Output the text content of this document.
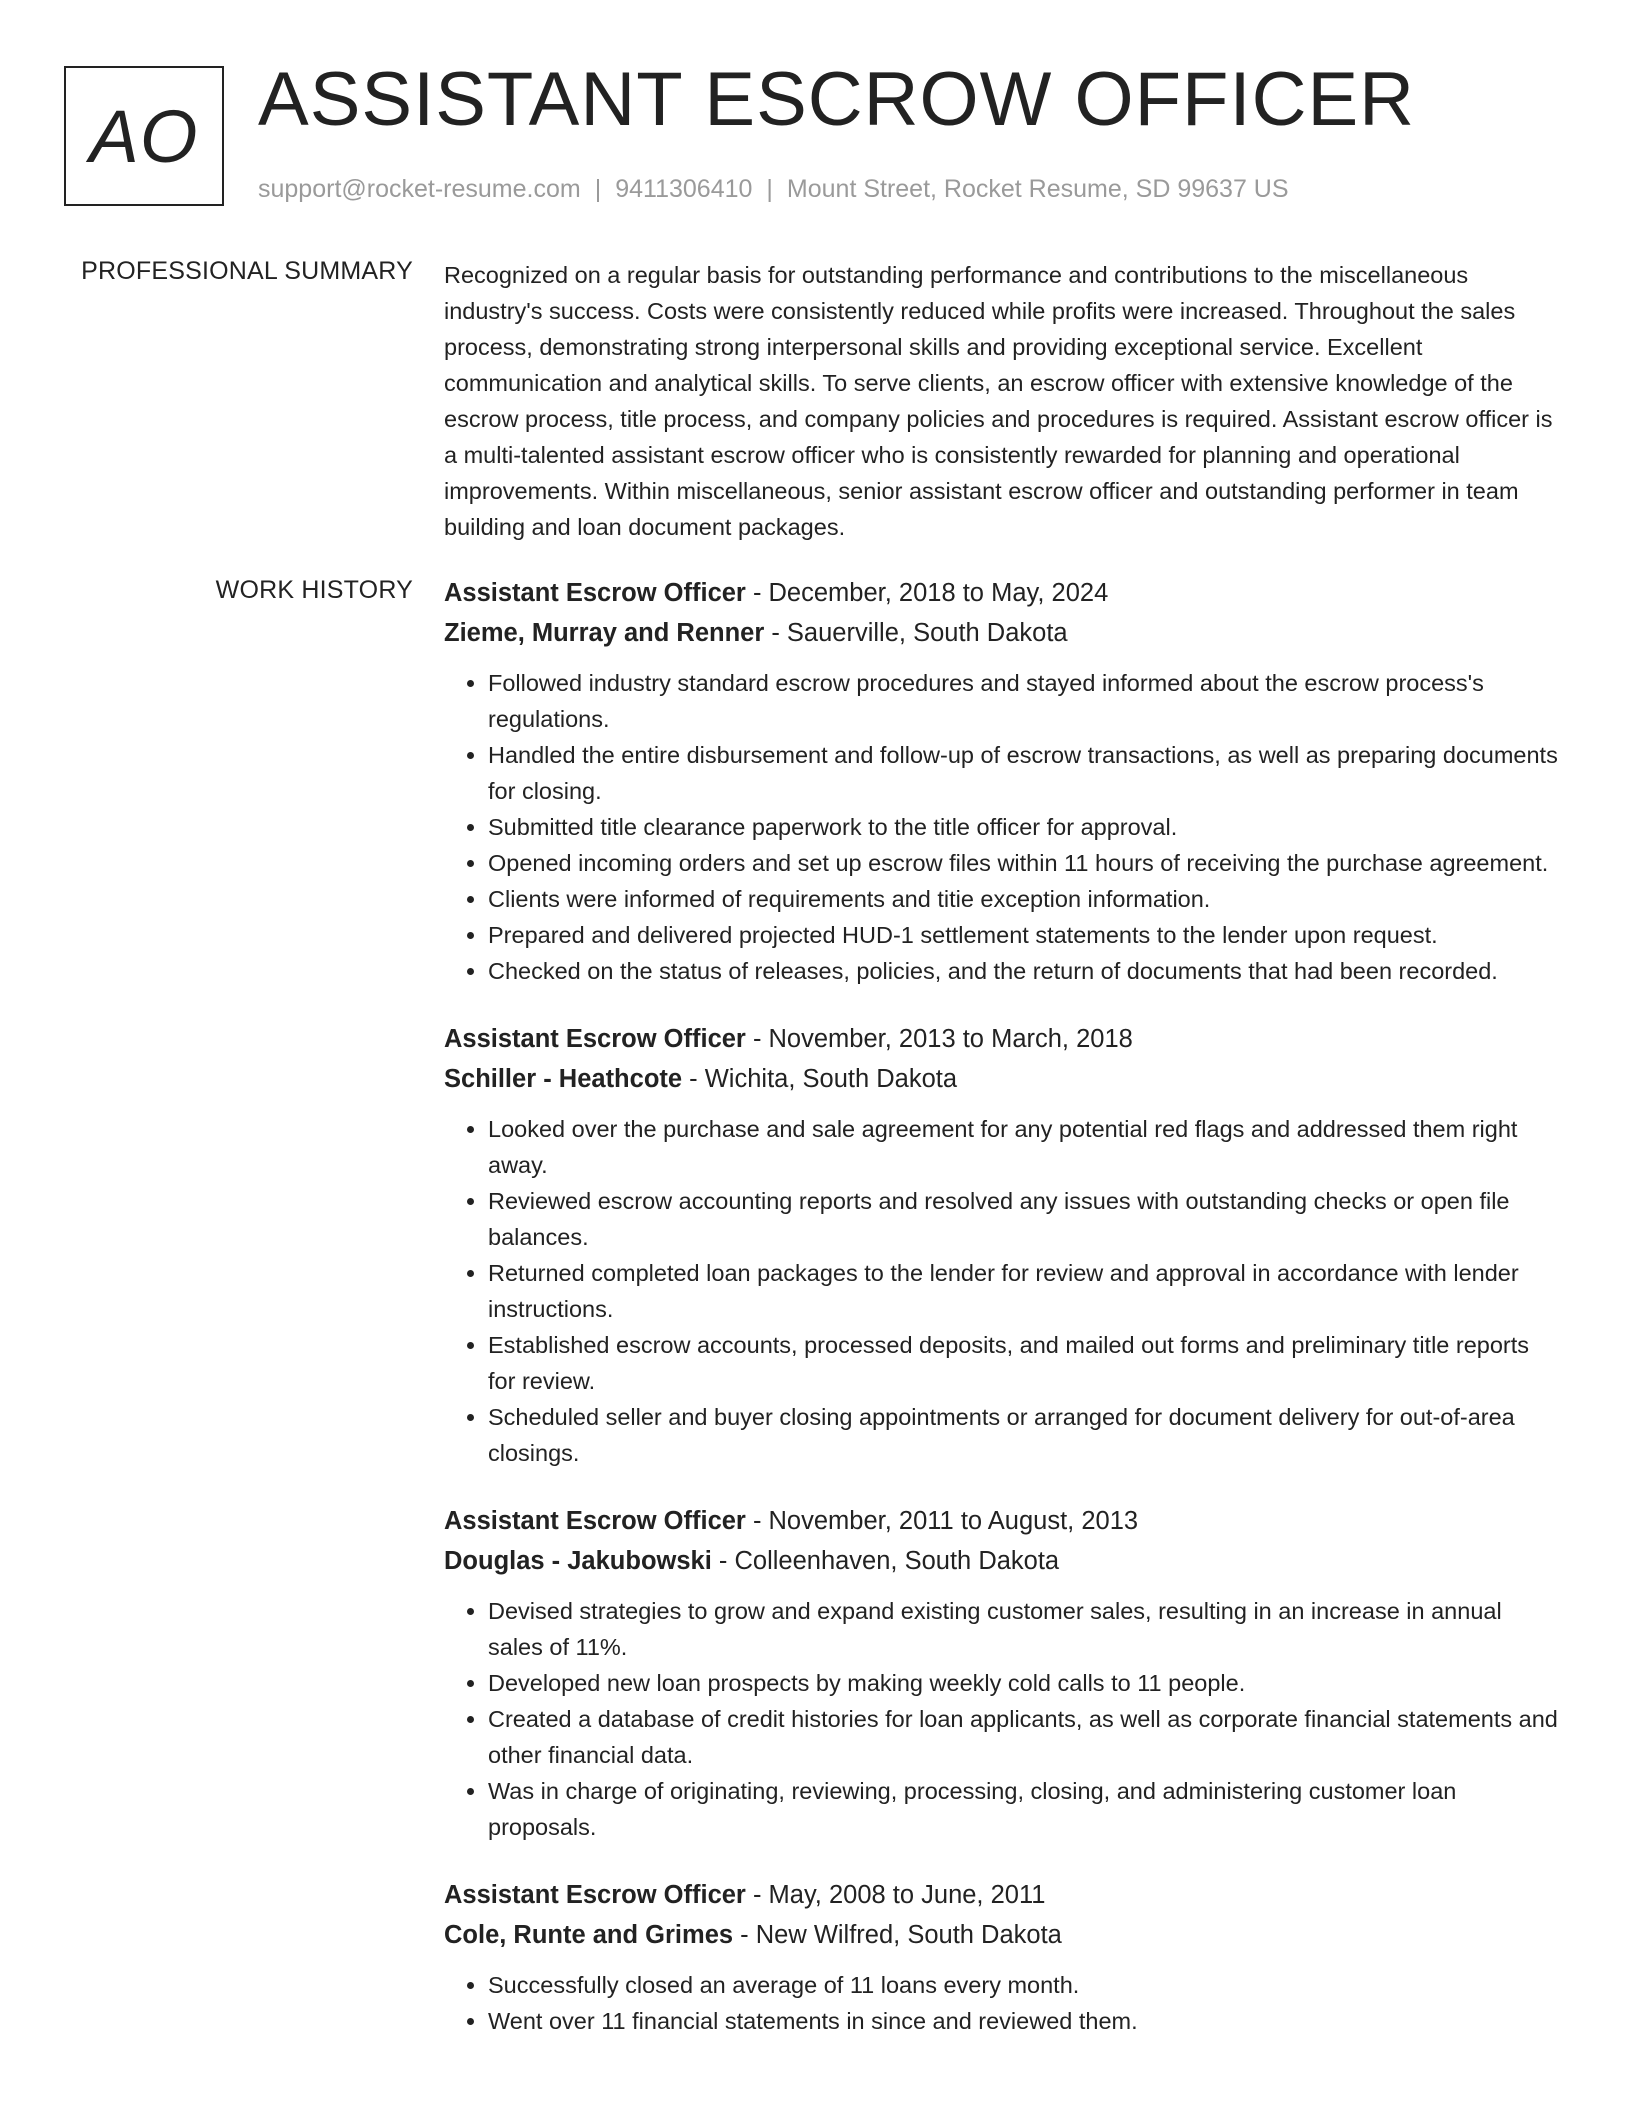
AO ASSISTANT ESCROW OFFICER
support@rocket-resume.com | 9411306410 | Mount Street, Rocket Resume, SD 99637 US
PROFESSIONAL SUMMARY Recognized on a regular basis for outstanding performance and contributions to the miscellaneous industry's success. Costs were consistently reduced while profits were increased. Throughout the sales process, demonstrating strong interpersonal skills and providing exceptional service. Excellent communication and analytical skills. To serve clients, an escrow officer with extensive knowledge of the escrow process, title process, and company policies and procedures is required. Assistant escrow officer is a multi-talented assistant escrow officer who is consistently rewarded for planning and operational improvements. Within miscellaneous, senior assistant escrow officer and outstanding performer in team building and loan document packages.

WORK HISTORY Assistant Escrow Officer - December, 2018 to May, 2024
Zieme, Murray and Renner - Sauerville, South Dakota
• Followed industry standard escrow procedures and stayed informed about the escrow process's regulations.
• Handled the entire disbursement and follow-up of escrow transactions, as well as preparing documents for closing.
• Submitted title clearance paperwork to the title officer for approval.
• Opened incoming orders and set up escrow files within 11 hours of receiving the purchase agreement.
• Clients were informed of requirements and titie exception information.
• Prepared and delivered projected HUD-1 settlement statements to the lender upon request.
• Checked on the status of releases, policies, and the return of documents that had been recorded.
Assistant Escrow Officer - November, 2013 to March, 2018
Schiller - Heathcote - Wichita, South Dakota
• Looked over the purchase and sale agreement for any potential red flags and addressed them right away.
• Reviewed escrow accounting reports and resolved any issues with outstanding checks or open file balances.
• Returned completed loan packages to the lender for review and approval in accordance with lender instructions.
• Established escrow accounts, processed deposits, and mailed out forms and preliminary title reports for review.
• Scheduled seller and buyer closing appointments or arranged for document delivery for out-of-area closings.
Assistant Escrow Officer - November, 2011 to August, 2013
Douglas - Jakubowski - Colleenhaven, South Dakota
• Devised strategies to grow and expand existing customer sales, resulting in an increase in annual sales of 11%.
• Developed new loan prospects by making weekly cold calls to 11 people.
• Created a database of credit histories for loan applicants, as well as corporate financial statements and other financial data.
• Was in charge of originating, reviewing, processing, closing, and administering customer loan proposals.
Assistant Escrow Officer - May, 2008 to June, 2011
Cole, Runte and Grimes - New Wilfred, South Dakota
• Successfully closed an average of 11 loans every month.
• Went over 11 financial statements in since and reviewed them.
